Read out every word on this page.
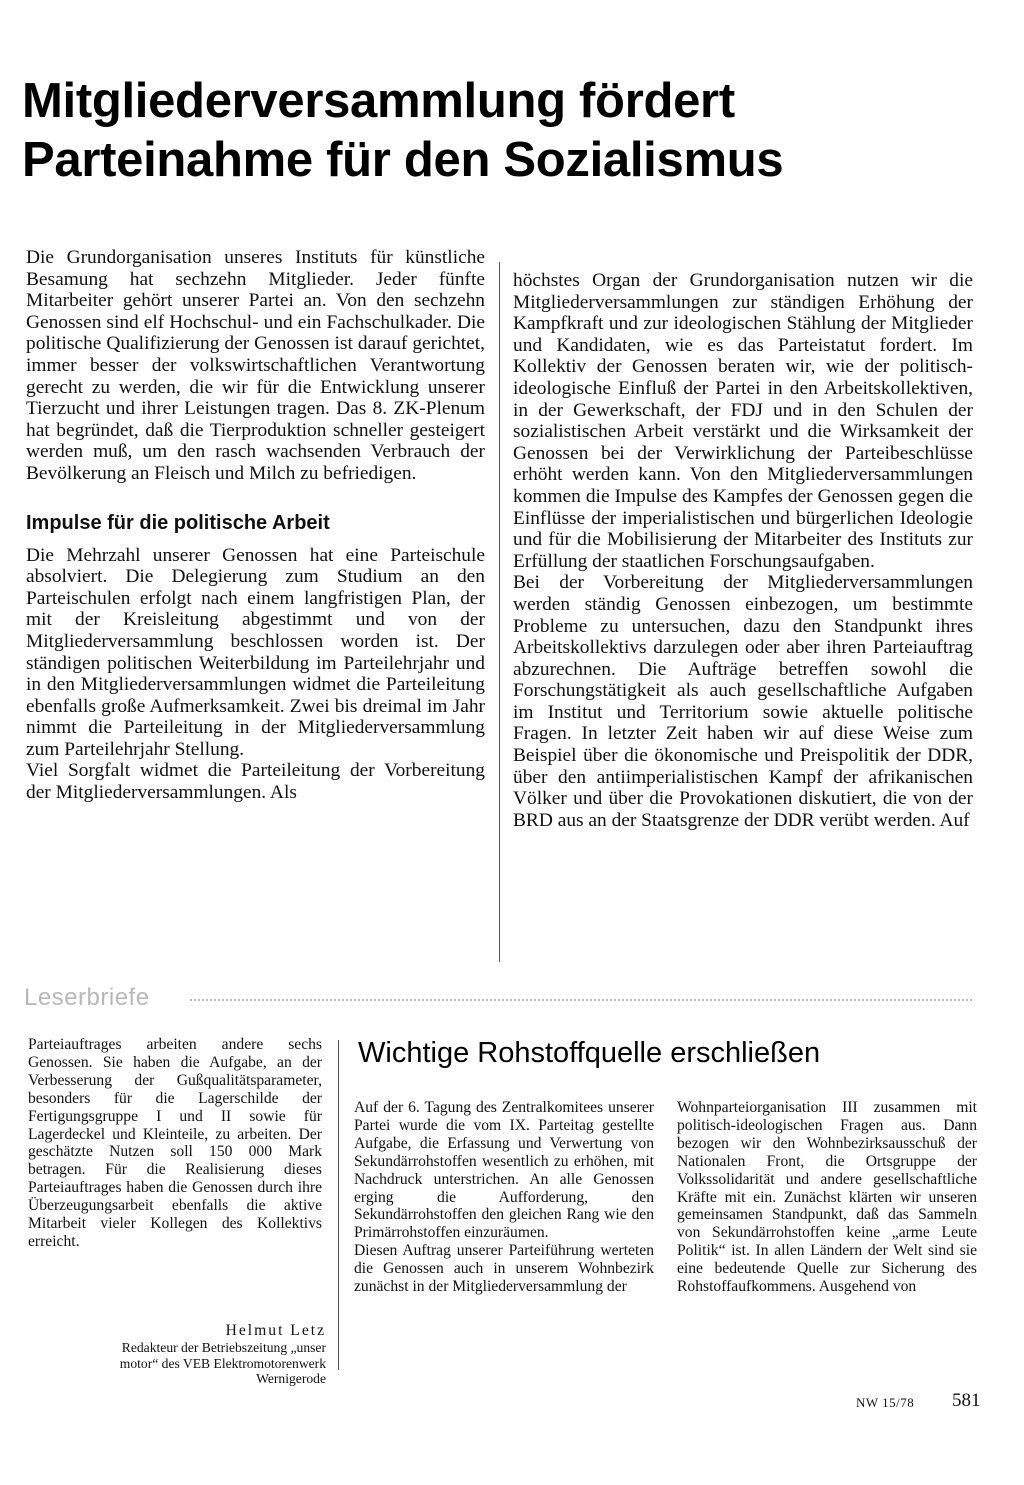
Mitgliederversammlung fördert Parteinahme für den Sozialismus

Die Grundorganisation unseres Instituts für künstliche Besamung hat sechzehn Mitglieder. Jeder fünfte Mitarbeiter gehört unserer Partei an. Von den sechzehn Genossen sind elf Hochschul- und ein Fachschulkader. Die politische Qualifizierung der Genossen ist darauf gerichtet, immer besser der volkswirtschaftlichen Verantwortung gerecht zu werden, die wir für die Entwicklung unserer Tierzucht und ihrer Leistungen tragen. Das 8. ZK-Plenum hat begründet, daß die Tierproduktion schneller gesteigert werden muß, um den rasch wachsenden Verbrauch der Bevölkerung an Fleisch und Milch zu befriedigen.

Impulse für die politische Arbeit

Die Mehrzahl unserer Genossen hat eine Parteischule absolviert. Die Delegierung zum Studium an den Parteischulen erfolgt nach einem langfristigen Plan, der mit der Kreisleitung abgestimmt und von der Mitgliederversammlung beschlossen worden ist. Der ständigen politischen Weiterbildung im Parteilehrjahr und in den Mitgliederversammlungen widmet die Parteileitung ebenfalls große Aufmerksamkeit. Zwei bis dreimal im Jahr nimmt die Parteileitung in der Mitgliederversammlung zum Parteilehrjahr Stellung.

Viel Sorgfalt widmet die Parteileitung der Vorbereitung der Mitgliederversammlungen. Als

höchstes Organ der Grundorganisation nutzen wir die Mitgliederversammlungen zur ständigen Erhöhung der Kampfkraft und zur ideologischen Stählung der Mitglieder und Kandidaten, wie es das Parteistatut fordert. Im Kollektiv der Genossen beraten wir, wie der politisch-ideologische Einfluß der Partei in den Arbeitskollektiven, in der Gewerkschaft, der FDJ und in den Schulen der sozialistischen Arbeit verstärkt und die Wirksamkeit der Genossen bei der Verwirklichung der Parteibeschlüsse erhöht werden kann. Von den Mitgliederversammlungen kommen die Impulse des Kampfes der Genossen gegen die Einflüsse der imperialistischen und bürgerlichen Ideologie und für die Mobilisierung der Mitarbeiter des Instituts zur Erfüllung der staatlichen Forschungsaufgaben.

Bei der Vorbereitung der Mitgliederversammlungen werden ständig Genossen einbezogen, um bestimmte Probleme zu untersuchen, dazu den Standpunkt ihres Arbeitskollektivs darzulegen oder aber ihren Parteiauftrag abzurechnen. Die Aufträge betreffen sowohl die Forschungstätigkeit als auch gesellschaftliche Aufgaben im Institut und Territorium sowie aktuelle politische Fragen. In letzter Zeit haben wir auf diese Weise zum Beispiel über die ökonomische und Preispolitik der DDR, über den antiimperialistischen Kampf der afrikanischen Völker und über die Provokationen diskutiert, die von der BRD aus an der Staatsgrenze der DDR verübt werden. Auf

Leserbriefe

Parteiauftrages arbeiten andere sechs Genossen. Sie haben die Aufgabe, an der Verbesserung der Gußqualitätsparameter, besonders für die Lagerschilde der Fertigungsgruppe I und II sowie für Lagerdeckel und Kleinteile, zu arbeiten. Der geschätzte Nutzen soll 150 000 Mark betragen. Für die Realisierung dieses Parteiauftrages haben die Genossen durch ihre Überzeugungsarbeit ebenfalls die aktive Mitarbeit vieler Kollegen des Kollektivs erreicht.

Helmut Letz
Redakteur der Betriebszeitung „unser motor“ des VEB Elektromotorenwerk Wernigerode
Wichtige Rohstoffquelle erschließen

Auf der 6. Tagung des Zentralkomitees unserer Partei wurde die vom IX. Parteitag gestellte Aufgabe, die Erfassung und Verwertung von Sekundärrohstoffen wesentlich zu erhöhen, mit Nachdruck unterstrichen. An alle Genossen erging die Aufforderung, den Sekundärrohstoffen den gleichen Rang wie den Primärrohstoffen einzuräumen.

Diesen Auftrag unserer Parteiführung werteten die Genossen auch in unserem Wohnbezirk zunächst in der Mitgliederversammlung der

Wohnparteiorganisation III zusammen mit politisch-ideologischen Fragen aus. Dann bezogen wir den Wohnbezirksausschuß der Nationalen Front, die Ortsgruppe der Volkssolidarität und andere gesellschaftliche Kräfte mit ein. Zunächst klärten wir unseren gemeinsamen Standpunkt, daß das Sammeln von Sekundärrohstoffen keine „arme Leute Politik“ ist. In allen Ländern der Welt sind sie eine bedeutende Quelle zur Sicherung des Rohstoffaufkommens. Ausgehend von

NW 15/78 581
